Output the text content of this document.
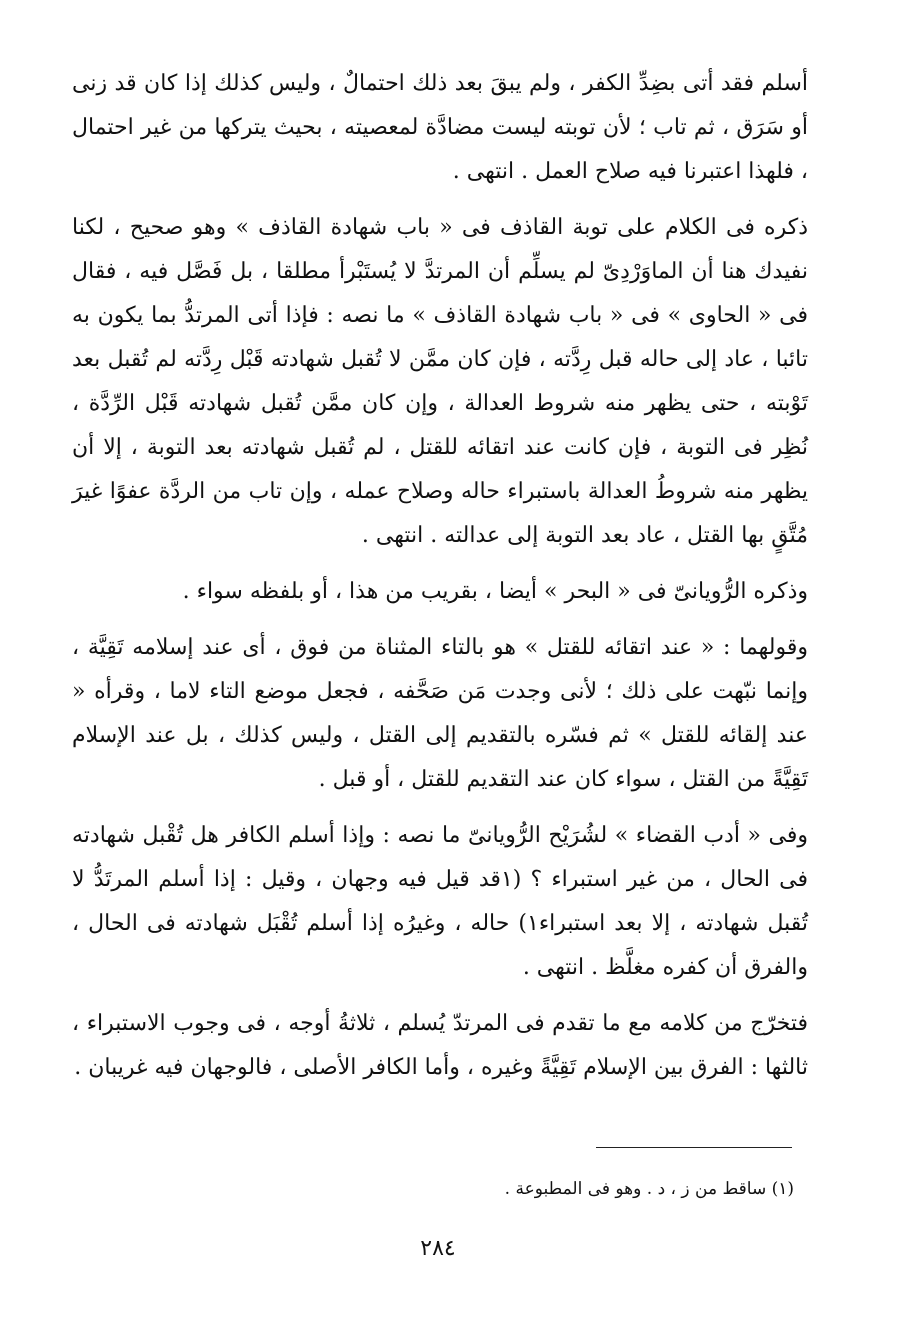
أسلم فقد أتى بضِدِّ الكفر ، ولم يبقَ بعد ذلك احتمالٌ ، وليس كذلك إذا كان قد زنى أو سَرَق ، ثم تاب ؛ لأن توبته ليست مضادَّة لمعصيته ، بحيث يتركها من غير احتمال ، فلهذا اعتبرنا فيه صلاح العمل . انتهى .

ذكره فى الكلام على توبة القاذف فى « باب شهادة القاذف » وهو صحيح ، لكنا نفيدك هنا أن الماوَرْدِىّ لم يسلِّم أن المرتدَّ لا يُستَبْرأ مطلقا ، بل فَصَّل فيه ، فقال فى « الحاوى » فى « باب شهادة القاذف » ما نصه : فإذا أتى المرتدُّ بما يكون به تائبا ، عاد إلى حاله قبل رِدَّته ، فإن كان ممَّن لا تُقبل شهادته قَبْل رِدَّته لم تُقبل بعد تَوْبته ، حتى يظهر منه شروط العدالة ، وإن كان ممَّن تُقبل شهادته قَبْل الرِّدَّة ، نُظِر فى التوبة ، فإن كانت عند اتقائه للقتل ، لم تُقبل شهادته بعد التوبة ، إلا أن يظهر منه شروطُ العدالة باستبراء حاله وصلاح عمله ، وإن تاب من الردَّة عفوًا غيرَ مُتَّقٍ بها القتل ، عاد بعد التوبة إلى عدالته . انتهى .

وذكره الرُّويانىّ فى « البحر » أيضا ، بقريب من هذا ، أو بلفظه سواء .

وقولهما : « عند اتقائه للقتل » هو بالتاء المثناة من فوق ، أى عند إسلامه تَقِيَّة ، وإنما نبّهت على ذلك ؛ لأنى وجدت مَن صَحَّفه ، فجعل موضع التاء لاما ، وقرأه « عند إلقائه للقتل » ثم فسّره بالتقديم إلى القتل ، وليس كذلك ، بل عند الإسلام تَقِيَّةً من القتل ، سواء كان عند التقديم للقتل ، أو قبل .

وفى « أدب القضاء » لشُرَيْح الرُّويانىّ ما نصه : وإذا أسلم الكافر هل تُقْبل شهادته فى الحال ، من غير استبراء ؟ (١قد قيل فيه وجهان ، وقيل : إذا أسلم المرتَدُّ لا تُقبل شهادته ، إلا بعد استبراء١) حاله ، وغيرُه إذا أسلم تُقْبَل شهادته فى الحال ، والفرق أن كفره مغلَّظ . انتهى .

فتخرّج من كلامه مع ما تقدم فى المرتدّ يُسلم ، ثلاثةُ أوجه ، فى وجوب الاستبراء ، ثالثها : الفرق بين الإسلام تَقِيَّةً وغيره ، وأما الكافر الأصلى ، فالوجهان فيه غريبان .

(١) ساقط من ز ، د . وهو فى المطبوعة .

٢٨٤
